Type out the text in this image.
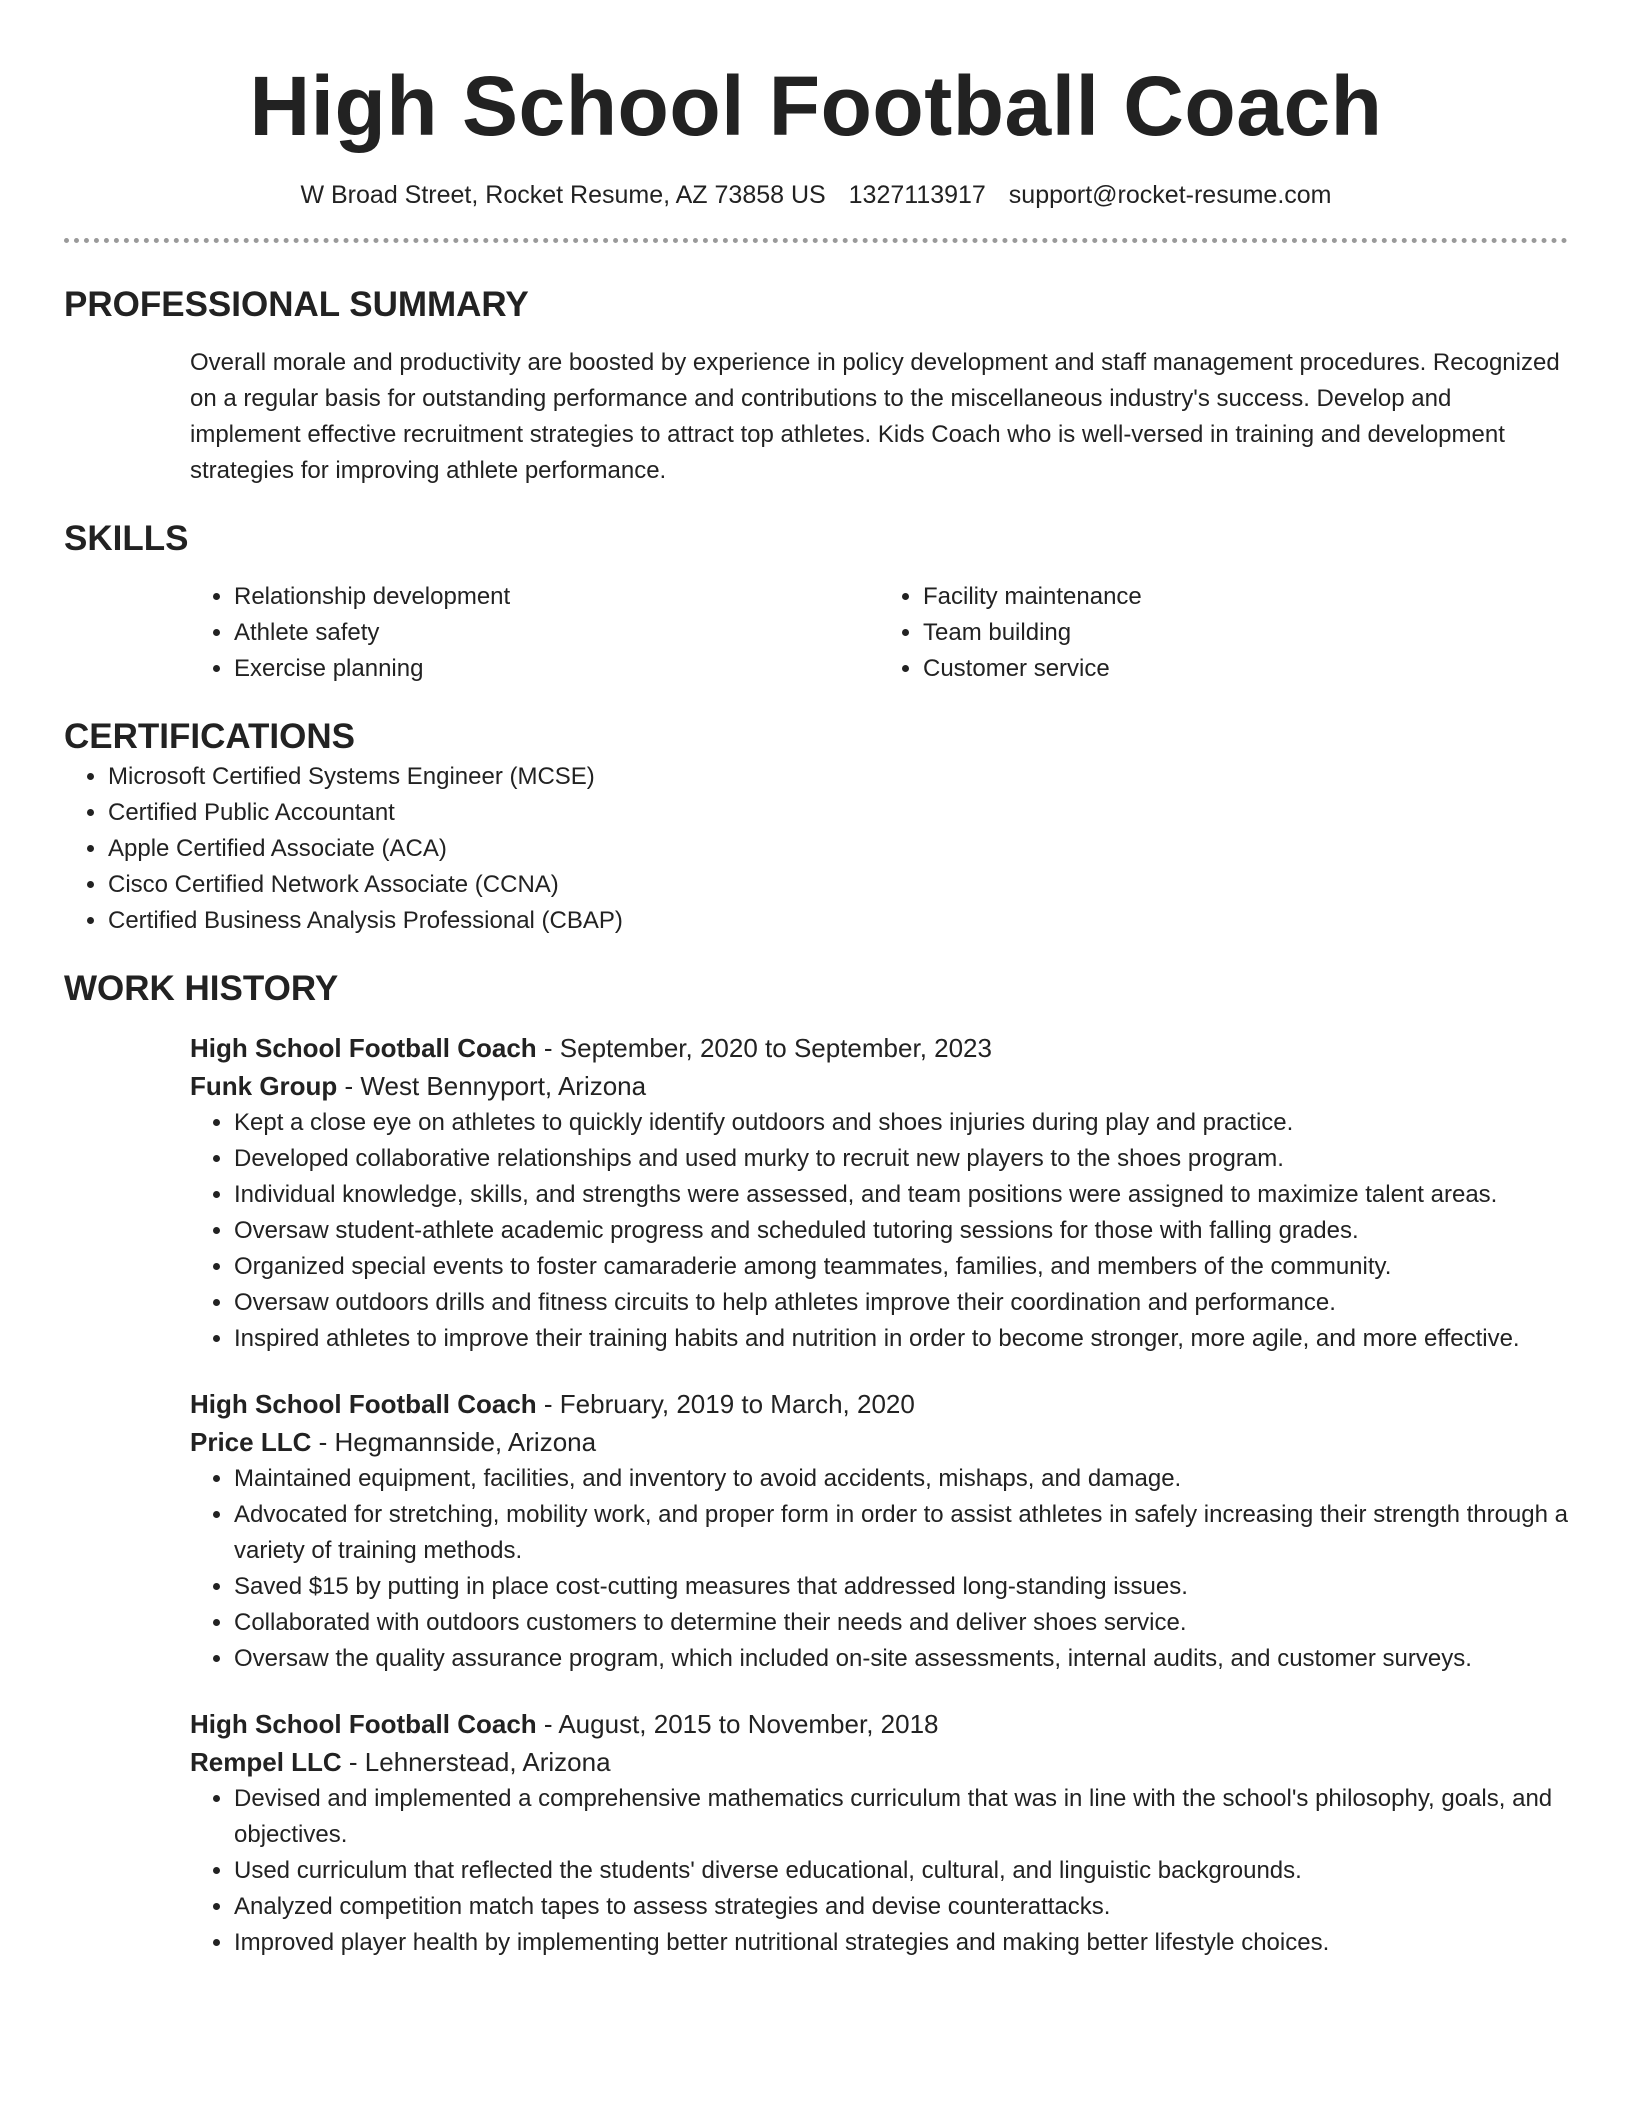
High School Football Coach
W Broad Street, Rocket Resume, AZ 73858 US 1327113917 support@rocket-resume.com
PROFESSIONAL SUMMARY
Overall morale and productivity are boosted by experience in policy development and staff management procedures. Recognized on a regular basis for outstanding performance and contributions to the miscellaneous industry's success. Develop and implement effective recruitment strategies to attract top athletes. Kids Coach who is well-versed in training and development strategies for improving athlete performance.
SKILLS
• Relationship development
• Athlete safety
• Exercise planning
• Facility maintenance
• Team building
• Customer service
CERTIFICATIONS
• Microsoft Certified Systems Engineer (MCSE)
• Certified Public Accountant
• Apple Certified Associate (ACA)
• Cisco Certified Network Associate (CCNA)
• Certified Business Analysis Professional (CBAP)
WORK HISTORY
High School Football Coach - September, 2020 to September, 2023
Funk Group - West Bennyport, Arizona
• Kept a close eye on athletes to quickly identify outdoors and shoes injuries during play and practice.
• Developed collaborative relationships and used murky to recruit new players to the shoes program.
• Individual knowledge, skills, and strengths were assessed, and team positions were assigned to maximize talent areas.
• Oversaw student-athlete academic progress and scheduled tutoring sessions for those with falling grades.
• Organized special events to foster camaraderie among teammates, families, and members of the community.
• Oversaw outdoors drills and fitness circuits to help athletes improve their coordination and performance.
• Inspired athletes to improve their training habits and nutrition in order to become stronger, more agile, and more effective.
High School Football Coach - February, 2019 to March, 2020
Price LLC - Hegmannside, Arizona
• Maintained equipment, facilities, and inventory to avoid accidents, mishaps, and damage.
• Advocated for stretching, mobility work, and proper form in order to assist athletes in safely increasing their strength through a variety of training methods.
• Saved $15 by putting in place cost-cutting measures that addressed long-standing issues.
• Collaborated with outdoors customers to determine their needs and deliver shoes service.
• Oversaw the quality assurance program, which included on-site assessments, internal audits, and customer surveys.
High School Football Coach - August, 2015 to November, 2018
Rempel LLC - Lehnerstead, Arizona
• Devised and implemented a comprehensive mathematics curriculum that was in line with the school's philosophy, goals, and objectives.
• Used curriculum that reflected the students' diverse educational, cultural, and linguistic backgrounds.
• Analyzed competition match tapes to assess strategies and devise counterattacks.
• Improved player health by implementing better nutritional strategies and making better lifestyle choices.
